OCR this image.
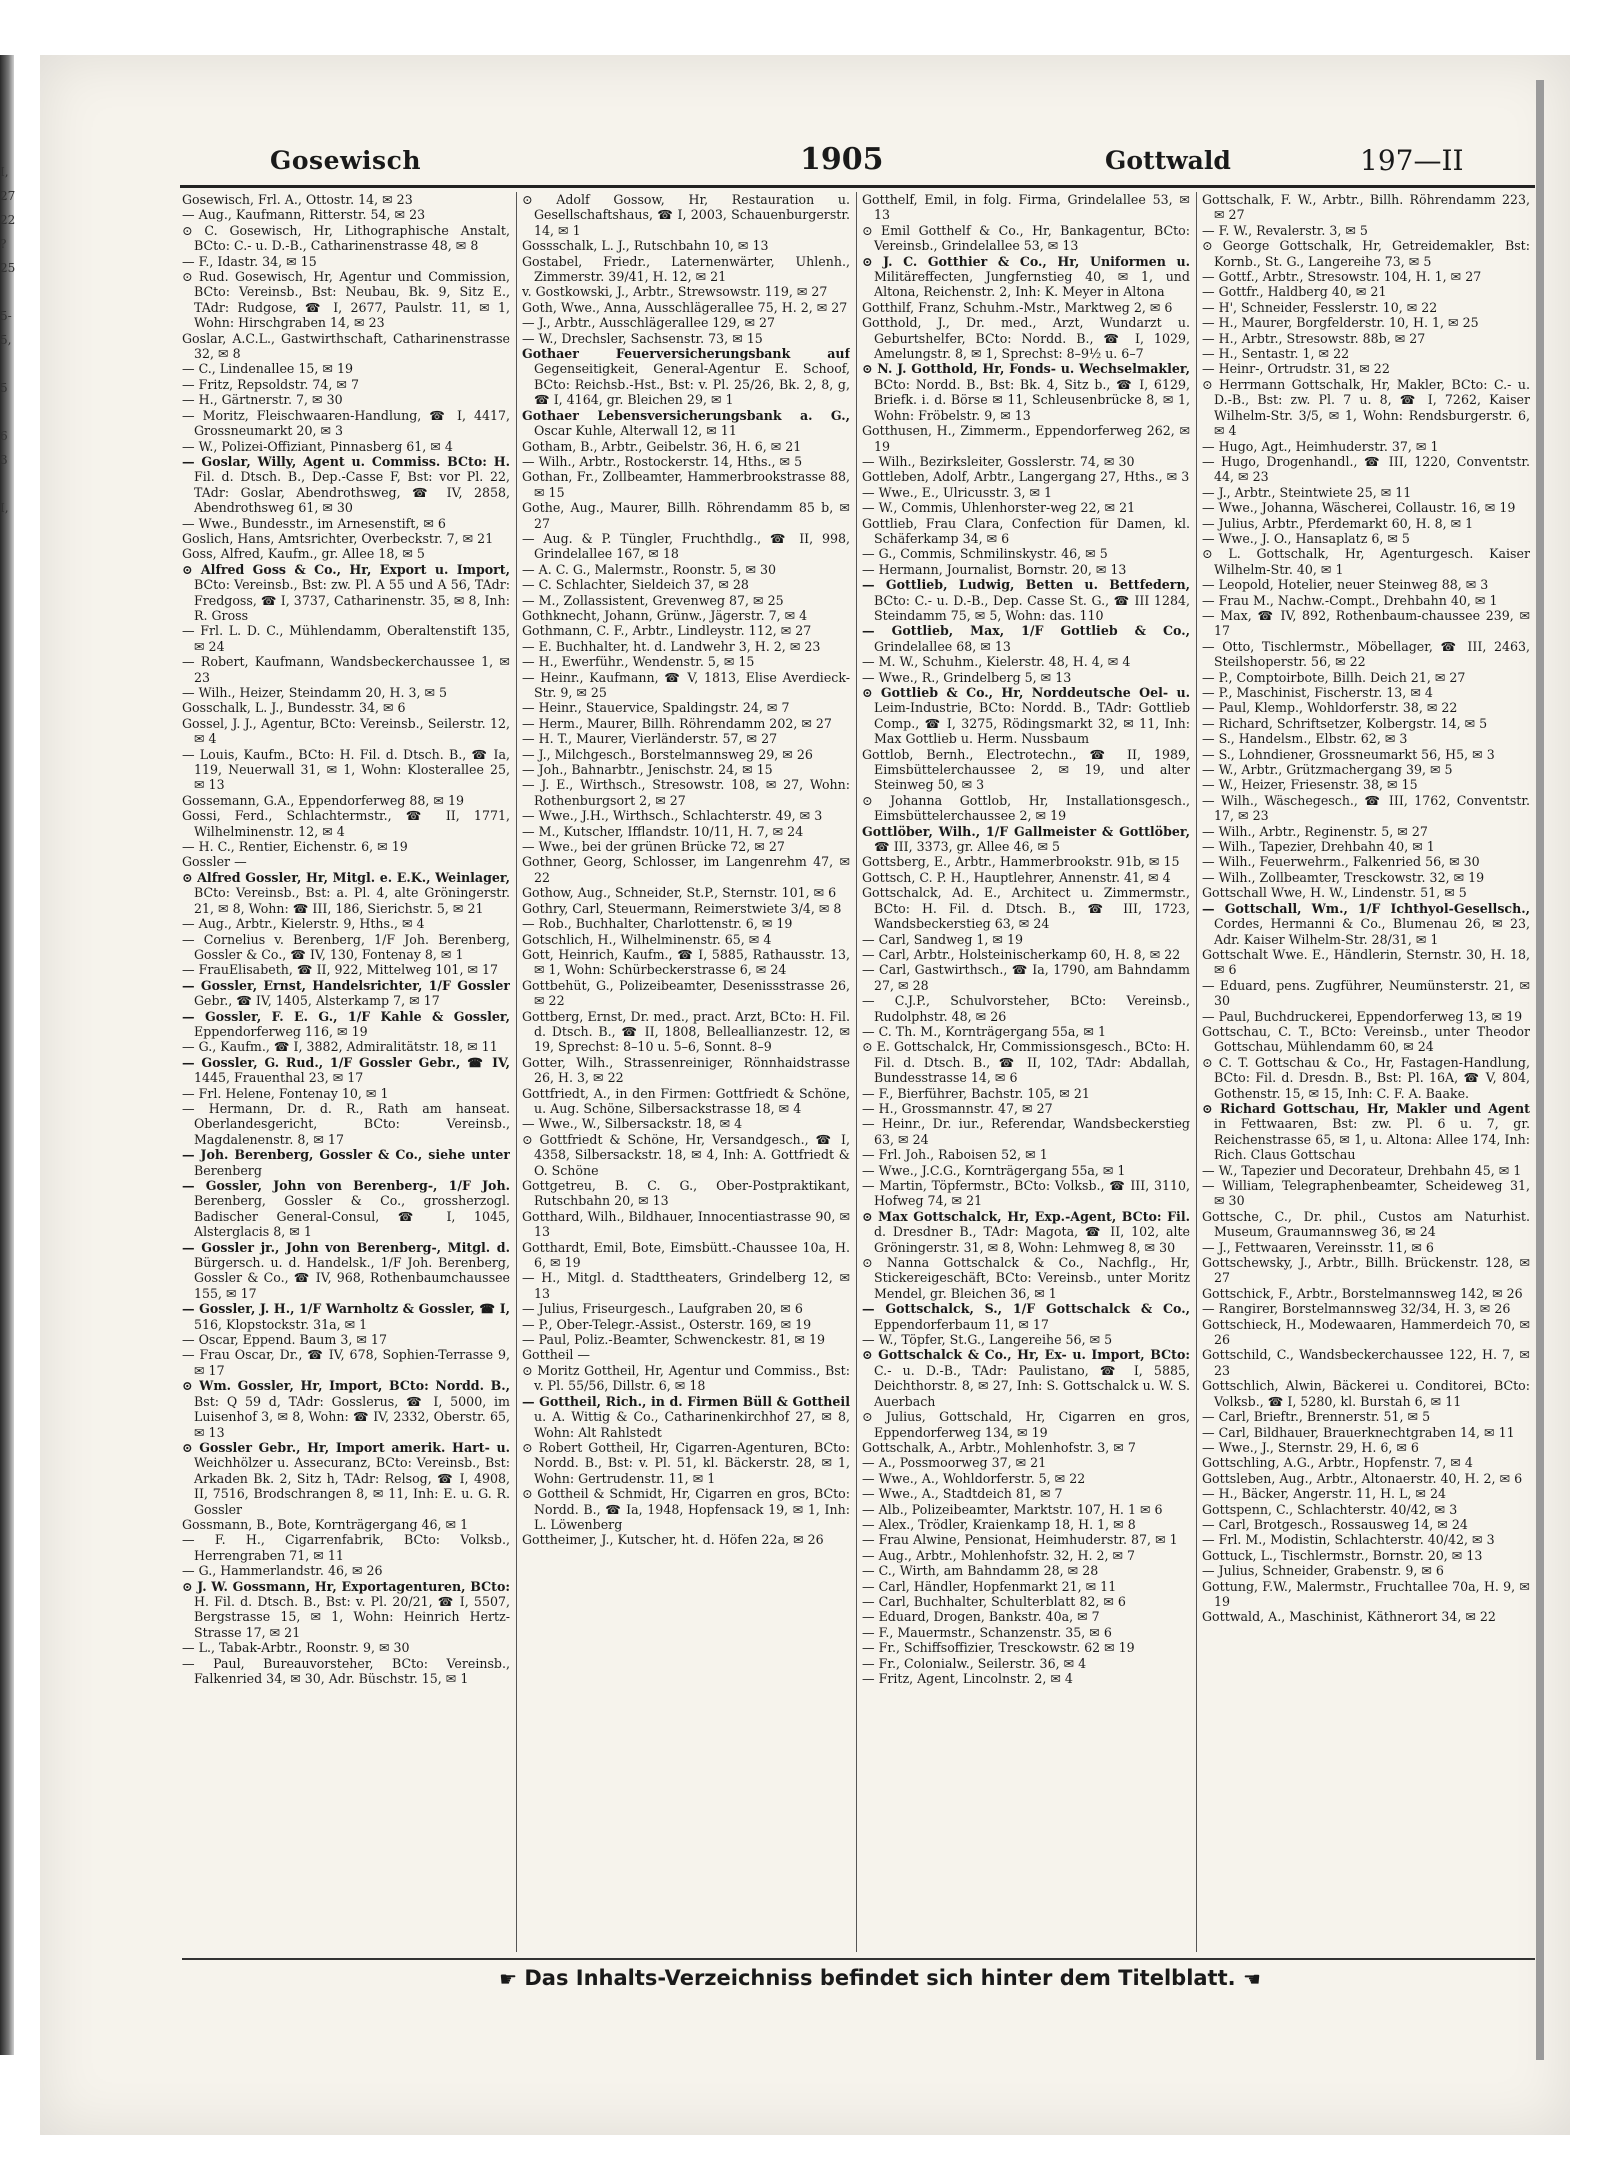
I,
27
22
?
25

5-
5,

5

6
3

I,
Gosewisch	1905	Gottwald	197—II

Gosewisch, Frl. A., Ottostr. 14, ✉ 23

— Aug., Kaufmann, Ritterstr. 54, ✉ 23

⊙ C. Gosewisch, Hr, Lithographische Anstalt, BCto: C.- u. D.-B., Catharinenstrasse 48, ✉ 8

— F., Idastr. 34, ✉ 15

⊙ Rud. Gosewisch, Hr, Agentur und Commission, BCto: Vereinsb., Bst: Neubau, Bk. 9, Sitz E., TAdr: Rudgose, ☎ I, 2677, Paulstr. 11, ✉ 1, Wohn: Hirschgraben 14, ✉ 23

Goslar, A.C.L., Gastwirthschaft, Catharinenstrasse 32, ✉ 8

— C., Lindenallee 15, ✉ 19

— Fritz, Repsoldstr. 74, ✉ 7

— H., Gärtnerstr. 7, ✉ 30

— Moritz, Fleischwaaren-Handlung, ☎ I, 4417, Grossneumarkt 20, ✉ 3

— W., Polizei-Offiziant, Pinnasberg 61, ✉ 4

— Goslar, Willy, Agent u. Commiss. BCto: H. Fil. d. Dtsch. B., Dep.-Casse F, Bst: vor Pl. 22, TAdr: Goslar, Abendrothsweg, ☎ IV, 2858, Abendrothsweg 61, ✉ 30

— Wwe., Bundesstr., im Arnesenstift, ✉ 6

Goslich, Hans, Amtsrichter, Overbeckstr. 7, ✉ 21

Goss, Alfred, Kaufm., gr. Allee 18, ✉ 5

⊙ Alfred Goss & Co., Hr, Export u. Import, BCto: Vereinsb., Bst: zw. Pl. A 55 und A 56, TAdr: Fredgoss, ☎ I, 3737, Catharinenstr. 35, ✉ 8, Inh: R. Gross

— Frl. L. D. C., Mühlendamm, Oberaltenstift 135, ✉ 24

— Robert, Kaufmann, Wandsbeckerchaussee 1, ✉ 23

— Wilh., Heizer, Steindamm 20, H. 3, ✉ 5

Gosschalk, L. J., Bundesstr. 34, ✉ 6

Gossel, J. J., Agentur, BCto: Vereinsb., Seilerstr. 12, ✉ 4

— Louis, Kaufm., BCto: H. Fil. d. Dtsch. B., ☎ Ia, 119, Neuerwall 31, ✉ 1, Wohn: Klosterallee 25, ✉ 13

Gossemann, G.A., Eppendorferweg 88, ✉ 19

Gossi, Ferd., Schlachtermstr., ☎ II, 1771, Wilhelminenstr. 12, ✉ 4

— H. C., Rentier, Eichenstr. 6, ✉ 19

Gossler —

⊙ Alfred Gossler, Hr, Mitgl. e. E.K., Weinlager, BCto: Vereinsb., Bst: a. Pl. 4, alte Gröningerstr. 21, ✉ 8, Wohn: ☎ III, 186, Sierichstr. 5, ✉ 21

— Aug., Arbtr., Kielerstr. 9, Hths., ✉ 4

— Cornelius v. Berenberg, 1/F Joh. Berenberg, Gossler & Co., ☎ IV, 130, Fontenay 8, ✉ 1

— FrauElisabeth, ☎ II, 922, Mittelweg 101, ✉ 17

— Gossler, Ernst, Handelsrichter, 1/F Gossler Gebr., ☎ IV, 1405, Alsterkamp 7, ✉ 17

— Gossler, F. E. G., 1/F Kahle & Gossler, Eppendorferweg 116, ✉ 19

— G., Kaufm., ☎ I, 3882, Admiralitätstr. 18, ✉ 11

— Gossler, G. Rud., 1/F Gossler Gebr., ☎ IV, 1445, Frauenthal 23, ✉ 17

— Frl. Helene, Fontenay 10, ✉ 1

— Hermann, Dr. d. R., Rath am hanseat. Oberlandesgericht, BCto: Vereinsb., Magdalenenstr. 8, ✉ 17

— Joh. Berenberg, Gossler & Co., siehe unter Berenberg

— Gossler, John von Berenberg-, 1/F Joh. Berenberg, Gossler & Co., grossherzogl. Badischer General-Consul, ☎ I, 1045, Alsterglacis 8, ✉ 1

— Gossler jr., John von Berenberg-, Mitgl. d. Bürgersch. u. d. Handelsk., 1/F Joh. Berenberg, Gossler & Co., ☎ IV, 968, Rothenbaumchaussee 155, ✉ 17

— Gossler, J. H., 1/F Warnholtz & Gossler, ☎ I, 516, Klopstockstr. 31a, ✉ 1

— Oscar, Eppend. Baum 3, ✉ 17

— Frau Oscar, Dr., ☎ IV, 678, Sophien-Terrasse 9, ✉ 17

⊙ Wm. Gossler, Hr, Import, BCto: Nordd. B., Bst: Q 59 d, TAdr: Gosslerus, ☎ I, 5000, im Luisenhof 3, ✉ 8, Wohn: ☎ IV, 2332, Oberstr. 65, ✉ 13

⊙ Gossler Gebr., Hr, Import amerik. Hart- u. Weichhölzer u. Assecuranz, BCto: Vereinsb., Bst: Arkaden Bk. 2, Sitz h, TAdr: Relsog, ☎ I, 4908, II, 7516, Brodschrangen 8, ✉ 11, Inh: E. u. G. R. Gossler

Gossmann, B., Bote, Kornträgergang 46, ✉ 1

— F. H., Cigarrenfabrik, BCto: Volksb., Herrengraben 71, ✉ 11

— G., Hammerlandstr. 46, ✉ 26

⊙ J. W. Gossmann, Hr, Exportagenturen, BCto: H. Fil. d. Dtsch. B., Bst: v. Pl. 20/21, ☎ I, 5507, Bergstrasse 15, ✉ 1, Wohn: Heinrich Hertz-Strasse 17, ✉ 21

— L., Tabak-Arbtr., Roonstr. 9, ✉ 30

— Paul, Bureauvorsteher, BCto: Vereinsb., Falkenried 34, ✉ 30, Adr. Büschstr. 15, ✉ 1

⊙ Adolf Gossow, Hr, Restauration u. Gesellschaftshaus, ☎ I, 2003, Schauenburgerstr. 14, ✉ 1

Gossschalk, L. J., Rutschbahn 10, ✉ 13

Gostabel, Friedr., Laternenwärter, Uhlenh., Zimmerstr. 39/41, H. 12, ✉ 21

v. Gostkowski, J., Arbtr., Strewsowstr. 119, ✉ 27

Goth, Wwe., Anna, Ausschlägerallee 75, H. 2, ✉ 27

— J., Arbtr., Ausschlägerallee 129, ✉ 27

— W., Drechsler, Sachsenstr. 73, ✉ 15

Gothaer Feuerversicherungsbank auf Gegenseitigkeit, General-Agentur E. Schoof, BCto: Reichsb.-Hst., Bst: v. Pl. 25/26, Bk. 2, 8, g, ☎ I, 4164, gr. Bleichen 29, ✉ 1

Gothaer Lebensversicherungsbank a. G., Oscar Kuhle, Alterwall 12, ✉ 11

Gotham, B., Arbtr., Geibelstr. 36, H. 6, ✉ 21

— Wilh., Arbtr., Rostockerstr. 14, Hths., ✉ 5

Gothan, Fr., Zollbeamter, Hammerbrookstrasse 88, ✉ 15

Gothe, Aug., Maurer, Billh. Röhrendamm 85 b, ✉ 27

— Aug. & P. Tüngler, Fruchthdlg., ☎ II, 998, Grindelallee 167, ✉ 18

— A. C. G., Malermstr., Roonstr. 5, ✉ 30

— C. Schlachter, Sieldeich 37, ✉ 28

— M., Zollassistent, Grevenweg 87, ✉ 25

Gothknecht, Johann, Grünw., Jägerstr. 7, ✉ 4

Gothmann, C. F., Arbtr., Lindleystr. 112, ✉ 27

— E. Buchhalter, ht. d. Landwehr 3, H. 2, ✉ 23

— H., Ewerführ., Wendenstr. 5, ✉ 15

— Heinr., Kaufmann, ☎ V, 1813, Elise Averdieck-Str. 9, ✉ 25

— Heinr., Stauervice, Spaldingstr. 24, ✉ 7

— Herm., Maurer, Billh. Röhrendamm 202, ✉ 27

— H. T., Maurer, Vierländerstr. 57, ✉ 27

— J., Milchgesch., Borstelmannsweg 29, ✉ 26

— Joh., Bahnarbtr., Jenischstr. 24, ✉ 15

— J. E., Wirthsch., Stresowstr. 108, ✉ 27, Wohn: Rothenburgsort 2, ✉ 27

— Wwe., J.H., Wirthsch., Schlachterstr. 49, ✉ 3

— M., Kutscher, Ifflandstr. 10/11, H. 7, ✉ 24

— Wwe., bei der grünen Brücke 72, ✉ 27

Gothner, Georg, Schlosser, im Langenrehm 47, ✉ 22

Gothow, Aug., Schneider, St.P., Sternstr. 101, ✉ 6

Gothry, Carl, Steuermann, Reimerstwiete 3/4, ✉ 8

— Rob., Buchhalter, Charlottenstr. 6, ✉ 19

Gotschlich, H., Wilhelminenstr. 65, ✉ 4

Gott, Heinrich, Kaufm., ☎ I, 5885, Rathausstr. 13, ✉ 1, Wohn: Schürbeckerstrasse 6, ✉ 24

Gottbehüt, G., Polizeibeamter, Desenissstrasse 26, ✉ 22

Gottberg, Ernst, Dr. med., pract. Arzt, BCto: H. Fil. d. Dtsch. B., ☎ II, 1808, Belleallianzestr. 12, ✉ 19, Sprechst: 8–10 u. 5–6, Sonnt. 8–9

Gotter, Wilh., Strassenreiniger, Rönnhaidstrasse 26, H. 3, ✉ 22

Gottfriedt, A., in den Firmen: Gottfriedt & Schöne, u. Aug. Schöne, Silbersackstrasse 18, ✉ 4

— Wwe., W., Silbersackstr. 18, ✉ 4

⊙ Gottfriedt & Schöne, Hr, Versandgesch., ☎ I, 4358, Silbersackstr. 18, ✉ 4, Inh: A. Gottfriedt & O. Schöne

Gottgetreu, B. C. G., Ober-Postpraktikant, Rutschbahn 20, ✉ 13

Gotthard, Wilh., Bildhauer, Innocentiastrasse 90, ✉ 13

Gotthardt, Emil, Bote, Eimsbütt.-Chaussee 10a, H. 6, ✉ 19

— H., Mitgl. d. Stadttheaters, Grindelberg 12, ✉ 13

— Julius, Friseurgesch., Laufgraben 20, ✉ 6

— P., Ober-Telegr.-Assist., Osterstr. 169, ✉ 19

— Paul, Poliz.-Beamter, Schwenckestr. 81, ✉ 19

Gottheil —

⊙ Moritz Gottheil, Hr, Agentur und Commiss., Bst: v. Pl. 55/56, Dillstr. 6, ✉ 18

— Gottheil, Rich., in d. Firmen Büll & Gottheil u. A. Wittig & Co., Catharinenkirchhof 27, ✉ 8, Wohn: Alt Rahlstedt

⊙ Robert Gottheil, Hr, Cigarren-Agenturen, BCto: Nordd. B., Bst: v. Pl. 51, kl. Bäckerstr. 28, ✉ 1, Wohn: Gertrudenstr. 11, ✉ 1

⊙ Gottheil & Schmidt, Hr, Cigarren en gros, BCto: Nordd. B., ☎ Ia, 1948, Hopfensack 19, ✉ 1, Inh: L. Löwenberg

Gottheimer, J., Kutscher, ht. d. Höfen 22a, ✉ 26

Gotthelf, Emil, in folg. Firma, Grindelallee 53, ✉ 13

⊙ Emil Gotthelf & Co., Hr, Bankagentur, BCto: Vereinsb., Grindelallee 53, ✉ 13

⊙ J. C. Gotthier & Co., Hr, Uniformen u. Militäreffecten, Jungfernstieg 40, ✉ 1, und Altona, Reichenstr. 2, Inh: K. Meyer in Altona

Gotthilf, Franz, Schuhm.-Mstr., Marktweg 2, ✉ 6

Gotthold, J., Dr. med., Arzt, Wundarzt u. Geburtshelfer, BCto: Nordd. B., ☎ I, 1029, Amelungstr. 8, ✉ 1, Sprechst: 8–9½ u. 6–7

⊙ N. J. Gotthold, Hr, Fonds- u. Wechselmakler, BCto: Nordd. B., Bst: Bk. 4, Sitz b., ☎ I, 6129, Briefk. i. d. Börse ✉ 11, Schleusenbrücke 8, ✉ 1, Wohn: Fröbelstr. 9, ✉ 13

Gotthusen, H., Zimmerm., Eppendorferweg 262, ✉ 19

— Wilh., Bezirksleiter, Gosslerstr. 74, ✉ 30

Gottleben, Adolf, Arbtr., Langergang 27, Hths., ✉ 3

— Wwe., E., Ulricusstr. 3, ✉ 1

— W., Commis, Uhlenhorster-weg 22, ✉ 21

Gottlieb, Frau Clara, Confection für Damen, kl. Schäferkamp 34, ✉ 6

— G., Commis, Schmilinskystr. 46, ✉ 5

— Hermann, Journalist, Bornstr. 20, ✉ 13

— Gottlieb, Ludwig, Betten u. Bettfedern, BCto: C.- u. D.-B., Dep. Casse St. G., ☎ III 1284, Steindamm 75, ✉ 5, Wohn: das. 110

— Gottlieb, Max, 1/F Gottlieb & Co., Grindelallee 68, ✉ 13

— M. W., Schuhm., Kielerstr. 48, H. 4, ✉ 4

— Wwe., R., Grindelberg 5, ✉ 13

⊙ Gottlieb & Co., Hr, Norddeutsche Oel- u. Leim-Industrie, BCto: Nordd. B., TAdr: Gottlieb Comp., ☎ I, 3275, Rödingsmarkt 32, ✉ 11, Inh: Max Gottlieb u. Herm. Nussbaum

Gottlob, Bernh., Electrotechn., ☎ II, 1989, Eimsbüttelerchaussee 2, ✉ 19, und alter Steinweg 50, ✉ 3

⊙ Johanna Gottlob, Hr, Installationsgesch., Eimsbüttelerchaussee 2, ✉ 19

Gottlöber, Wilh., 1/F Gallmeister & Gottlöber, ☎ III, 3373, gr. Allee 46, ✉ 5

Gottsberg, E., Arbtr., Hammerbrookstr. 91b, ✉ 15

Gottsch, C. P. H., Hauptlehrer, Annenstr. 41, ✉ 4

Gottschalck, Ad. E., Architect u. Zimmermstr., BCto: H. Fil. d. Dtsch. B., ☎ III, 1723, Wandsbeckerstieg 63, ✉ 24

— Carl, Sandweg 1, ✉ 19

— Carl, Arbtr., Holsteinischerkamp 60, H. 8, ✉ 22

— Carl, Gastwirthsch., ☎ Ia, 1790, am Bahndamm 27, ✉ 28

— C.J.P., Schulvorsteher, BCto: Vereinsb., Rudolphstr. 48, ✉ 26

— C. Th. M., Kornträgergang 55a, ✉ 1

⊙ E. Gottschalck, Hr, Commissionsgesch., BCto: H. Fil. d. Dtsch. B., ☎ II, 102, TAdr: Abdallah, Bundesstrasse 14, ✉ 6

— F., Bierführer, Bachstr. 105, ✉ 21

— H., Grossmannstr. 47, ✉ 27

— Heinr., Dr. iur., Referendar, Wandsbeckerstieg 63, ✉ 24

— Frl. Joh., Raboisen 52, ✉ 1

— Wwe., J.C.G., Kornträgergang 55a, ✉ 1

— Martin, Töpfermstr., BCto: Volksb., ☎ III, 3110, Hofweg 74, ✉ 21

⊙ Max Gottschalck, Hr, Exp.-Agent, BCto: Fil. d. Dresdner B., TAdr: Magota, ☎ II, 102, alte Gröningerstr. 31, ✉ 8, Wohn: Lehmweg 8, ✉ 30

⊙ Nanna Gottschalck & Co., Nachflg., Hr, Stickereigeschäft, BCto: Vereinsb., unter Moritz Mendel, gr. Bleichen 36, ✉ 1

— Gottschalck, S., 1/F Gottschalck & Co., Eppendorferbaum 11, ✉ 17

— W., Töpfer, St.G., Langereihe 56, ✉ 5

⊙ Gottschalck & Co., Hr, Ex- u. Import, BCto: C.- u. D.-B., TAdr: Paulistano, ☎ I, 5885, Deichthorstr. 8, ✉ 27, Inh: S. Gottschalck u. W. S. Auerbach

⊙ Julius, Gottschald, Hr, Cigarren en gros, Eppendorferweg 134, ✉ 19

Gottschalk, A., Arbtr., Mohlenhofstr. 3, ✉ 7

— A., Possmoorweg 37, ✉ 21

— Wwe., A., Wohldorferstr. 5, ✉ 22

— Wwe., A., Stadtdeich 81, ✉ 7

— Alb., Polizeibeamter, Marktstr. 107, H. 1 ✉ 6

— Alex., Trödler, Kraienkamp 18, H. 1, ✉ 8

— Frau Alwine, Pensionat, Heimhuderstr. 87, ✉ 1

— Aug., Arbtr., Mohlenhofstr. 32, H. 2, ✉ 7

— C., Wirth, am Bahndamm 28, ✉ 28

— Carl, Händler, Hopfenmarkt 21, ✉ 11

— Carl, Buchhalter, Schulterblatt 82, ✉ 6

— Eduard, Drogen, Bankstr. 40a, ✉ 7

— F., Mauermstr., Schanzenstr. 35, ✉ 6

— Fr., Schiffsoffizier, Tresckowstr. 62 ✉ 19

— Fr., Colonialw., Seilerstr. 36, ✉ 4

— Fritz, Agent, Lincolnstr. 2, ✉ 4

Gottschalk, F. W., Arbtr., Billh. Röhrendamm 223, ✉ 27

— F. W., Revalerstr. 3, ✉ 5

⊙ George Gottschalk, Hr, Getreidemakler, Bst: Kornb., St. G., Langereihe 73, ✉ 5

— Gottf., Arbtr., Stresowstr. 104, H. 1, ✉ 27

— Gottfr., Haldberg 40, ✉ 21

— H', Schneider, Fesslerstr. 10, ✉ 22

— H., Maurer, Borgfelderstr. 10, H. 1, ✉ 25

— H., Arbtr., Stresowstr. 88b, ✉ 27

— H., Sentastr. 1, ✉ 22

— Heinr-, Ortrudstr. 31, ✉ 22

⊙ Herrmann Gottschalk, Hr, Makler, BCto: C.- u. D.-B., Bst: zw. Pl. 7 u. 8, ☎ I, 7262, Kaiser Wilhelm-Str. 3/5, ✉ 1, Wohn: Rendsburgerstr. 6, ✉ 4

— Hugo, Agt., Heimhuderstr. 37, ✉ 1

— Hugo, Drogenhandl., ☎ III, 1220, Conventstr. 44, ✉ 23

— J., Arbtr., Steintwiete 25, ✉ 11

— Wwe., Johanna, Wäscherei, Collaustr. 16, ✉ 19

— Julius, Arbtr., Pferdemarkt 60, H. 8, ✉ 1

— Wwe., J. O., Hansaplatz 6, ✉ 5

⊙ L. Gottschalk, Hr, Agenturgesch. Kaiser Wilhelm-Str. 40, ✉ 1

— Leopold, Hotelier, neuer Steinweg 88, ✉ 3

— Frau M., Nachw.-Compt., Drehbahn 40, ✉ 1

— Max, ☎ IV, 892, Rothenbaum-chaussee 239, ✉ 17

— Otto, Tischlermstr., Möbellager, ☎ III, 2463, Steilshoperstr. 56, ✉ 22

— P., Comptoirbote, Billh. Deich 21, ✉ 27

— P., Maschinist, Fischerstr. 13, ✉ 4

— Paul, Klemp., Wohldorferstr. 38, ✉ 22

— Richard, Schriftsetzer, Kolbergstr. 14, ✉ 5

— S., Handelsm., Elbstr. 62, ✉ 3

— S., Lohndiener, Grossneumarkt 56, H5, ✉ 3

— W., Arbtr., Grützmachergang 39, ✉ 5

— W., Heizer, Friesenstr. 38, ✉ 15

— Wilh., Wäschegesch., ☎ III, 1762, Conventstr. 17, ✉ 23

— Wilh., Arbtr., Reginenstr. 5, ✉ 27

— Wilh., Tapezier, Drehbahn 40, ✉ 1

— Wilh., Feuerwehrm., Falkenried 56, ✉ 30

— Wilh., Zollbeamter, Tresckowstr. 32, ✉ 19

Gottschall Wwe, H. W., Lindenstr. 51, ✉ 5

— Gottschall, Wm., 1/F Ichthyol-Gesellsch., Cordes, Hermanni & Co., Blumenau 26, ✉ 23, Adr. Kaiser Wilhelm-Str. 28/31, ✉ 1

Gottschalt Wwe. E., Händlerin, Sternstr. 30, H. 18, ✉ 6

— Eduard, pens. Zugführer, Neumünsterstr. 21, ✉ 30

— Paul, Buchdruckerei, Eppendorferweg 13, ✉ 19

Gottschau, C. T., BCto: Vereinsb., unter Theodor Gottschau, Mühlendamm 60, ✉ 24

⊙ C. T. Gottschau & Co., Hr, Fastagen-Handlung, BCto: Fil. d. Dresdn. B., Bst: Pl. 16A, ☎ V, 804, Gothenstr. 15, ✉ 15, Inh: C. F. A. Baake.

⊙ Richard Gottschau, Hr, Makler und Agent in Fettwaaren, Bst: zw. Pl. 6 u. 7, gr. Reichenstrasse 65, ✉ 1, u. Altona: Allee 174, Inh: Rich. Claus Gottschau

— W., Tapezier und Decorateur, Drehbahn 45, ✉ 1

— William, Telegraphenbeamter, Scheideweg 31, ✉ 30

Gottsche, C., Dr. phil., Custos am Naturhist. Museum, Graumannsweg 36, ✉ 24

— J., Fettwaaren, Vereinsstr. 11, ✉ 6

Gottschewsky, J., Arbtr., Billh. Brückenstr. 128, ✉ 27

Gottschick, F., Arbtr., Borstelmannsweg 142, ✉ 26

— Rangirer, Borstelmannsweg 32/34, H. 3, ✉ 26

Gottschieck, H., Modewaaren, Hammerdeich 70, ✉ 26

Gottschild, C., Wandsbeckerchaussee 122, H. 7, ✉ 23

Gottschlich, Alwin, Bäckerei u. Conditorei, BCto: Volksb., ☎ I, 5280, kl. Burstah 6, ✉ 11

— Carl, Brieftr., Brennerstr. 51, ✉ 5

— Carl, Bildhauer, Brauerknechtgraben 14, ✉ 11

— Wwe., J., Sternstr. 29, H. 6, ✉ 6

Gottschling, A.G., Arbtr., Hopfenstr. 7, ✉ 4

Gottsleben, Aug., Arbtr., Altonaerstr. 40, H. 2, ✉ 6

— H., Bäcker, Angerstr. 11, H. L, ✉ 24

Gottspenn, C., Schlachterstr. 40/42, ✉ 3

— Carl, Brotgesch., Rossausweg 14, ✉ 24

— Frl. M., Modistin, Schlachterstr. 40/42, ✉ 3

Gottuck, L., Tischlermstr., Bornstr. 20, ✉ 13

— Julius, Schneider, Grabenstr. 9, ✉ 6

Gottung, F.W., Malermstr., Fruchtallee 70a, H. 9, ✉ 19

Gottwald, A., Maschinist, Käthnerort 34, ✉ 22

☛ Das Inhalts-Verzeichniss befindet sich hinter dem Titelblatt. ☚
